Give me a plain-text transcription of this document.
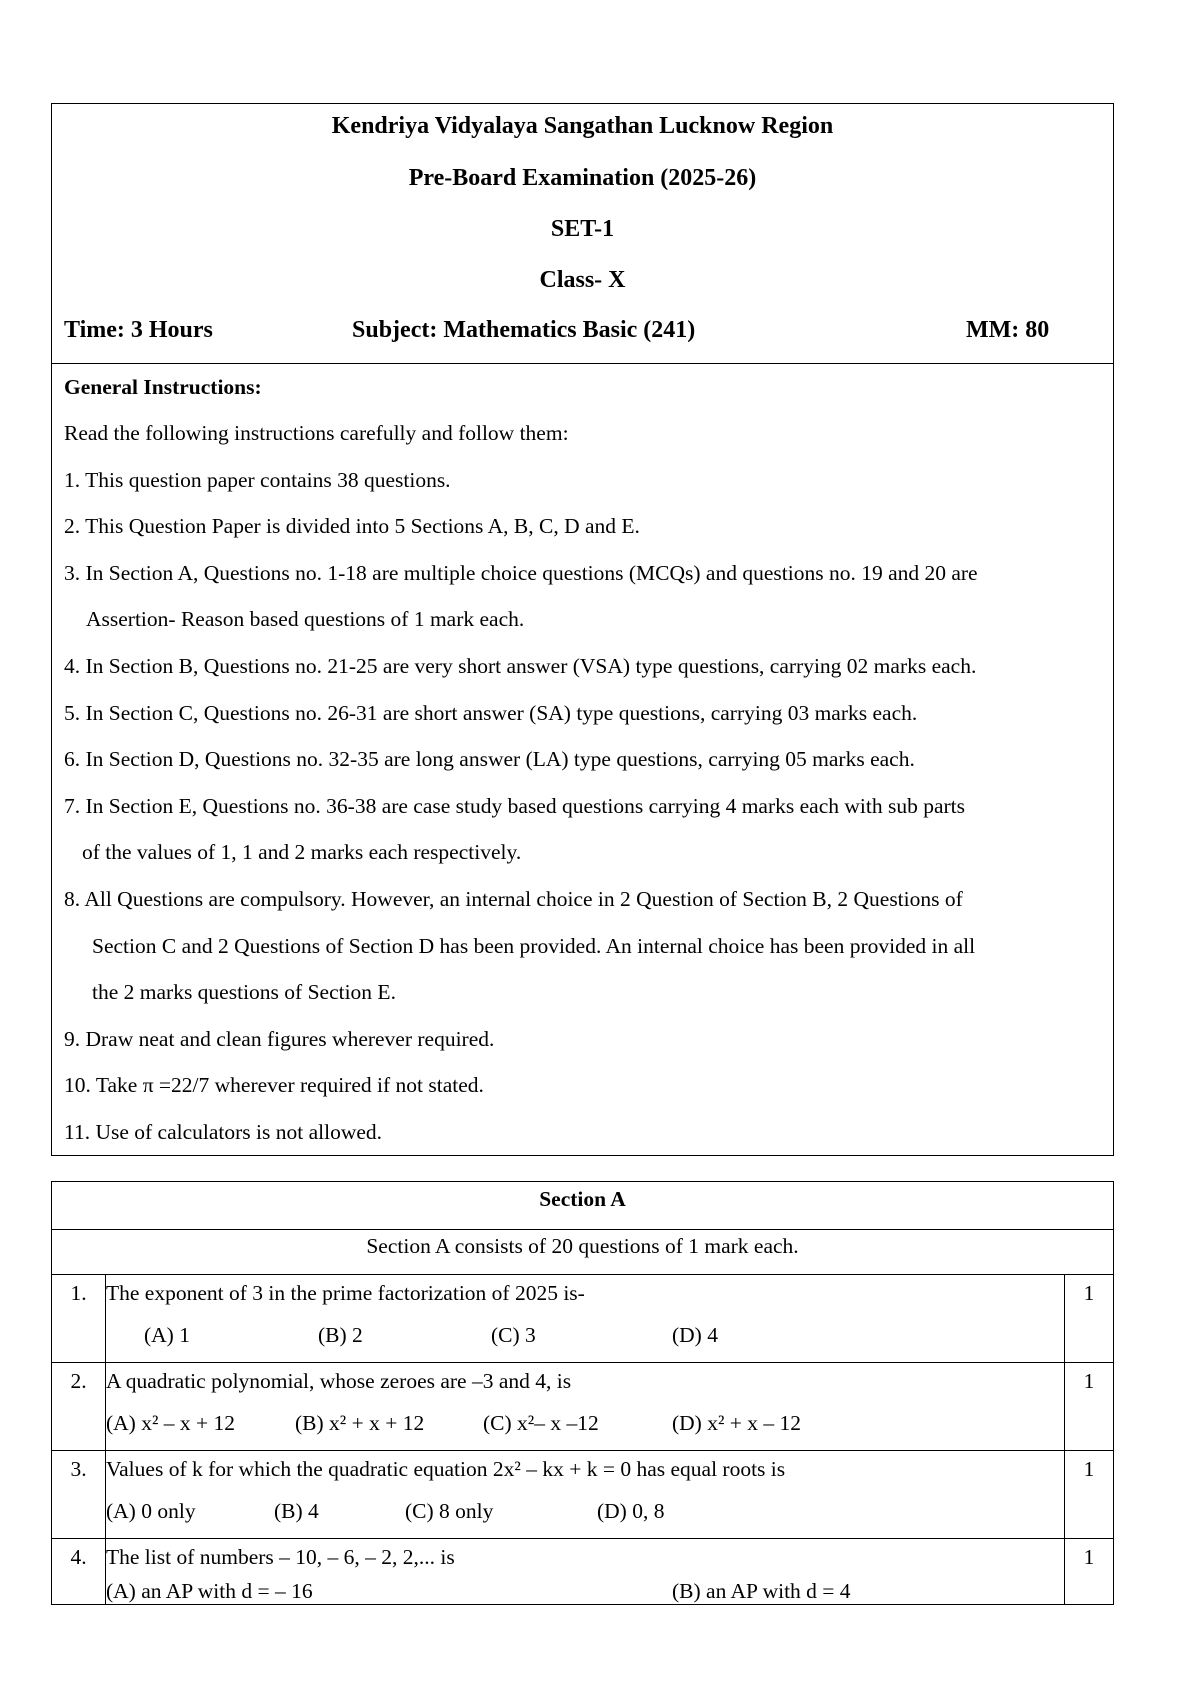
Kendriya Vidyalaya Sangathan Lucknow Region
Pre-Board Examination (2025-26)
SET-1
Class- X
Time: 3 Hours	Subject: Mathematics Basic (241)	MM: 80
General Instructions:
Read the following instructions carefully and follow them:
1. This question paper contains 38 questions.
2. This Question Paper is divided into 5 Sections A, B, C, D and E.
3. In Section A, Questions no. 1-18 are multiple choice questions (MCQs) and questions no. 19 and 20 are
Assertion- Reason based questions of 1 mark each.
4. In Section B, Questions no. 21-25 are very short answer (VSA) type questions, carrying 02 marks each.
5. In Section C, Questions no. 26-31 are short answer (SA) type questions, carrying 03 marks each.
6. In Section D, Questions no. 32-35 are long answer (LA) type questions, carrying 05 marks each.
7. In Section E, Questions no. 36-38 are case study based questions carrying 4 marks each with sub parts
of the values of 1, 1 and 2 marks each respectively.
8. All Questions are compulsory. However, an internal choice in 2 Question of Section B, 2 Questions of
Section C and 2 Questions of Section D has been provided. An internal choice has been provided in all
the 2 marks questions of Section E.
9. Draw neat and clean figures wherever required.
10. Take π =22/7 wherever required if not stated.
11. Use of calculators is not allowed.
Section A		
Section A consists of 20 questions of 1 mark each.		
1.	The exponent of 3 in the prime factorization of 2025 is-
(A) 1 (B) 2 (C) 3 (D) 4	1
2.	A quadratic polynomial, whose zeroes are –3 and 4, is
(A) x² – x + 12 (B) x² + x + 12 (C) x²– x –12 (D) x² + x – 12	1
3.	Values of k for which the quadratic equation 2x² – kx + k = 0 has equal roots is
(A) 0 only (B) 4 (C) 8 only (D) 0, 8	1
4.	The list of numbers – 10, – 6, – 2, 2,... is
(A) an AP with d = – 16 (B) an AP with d = 4	1
